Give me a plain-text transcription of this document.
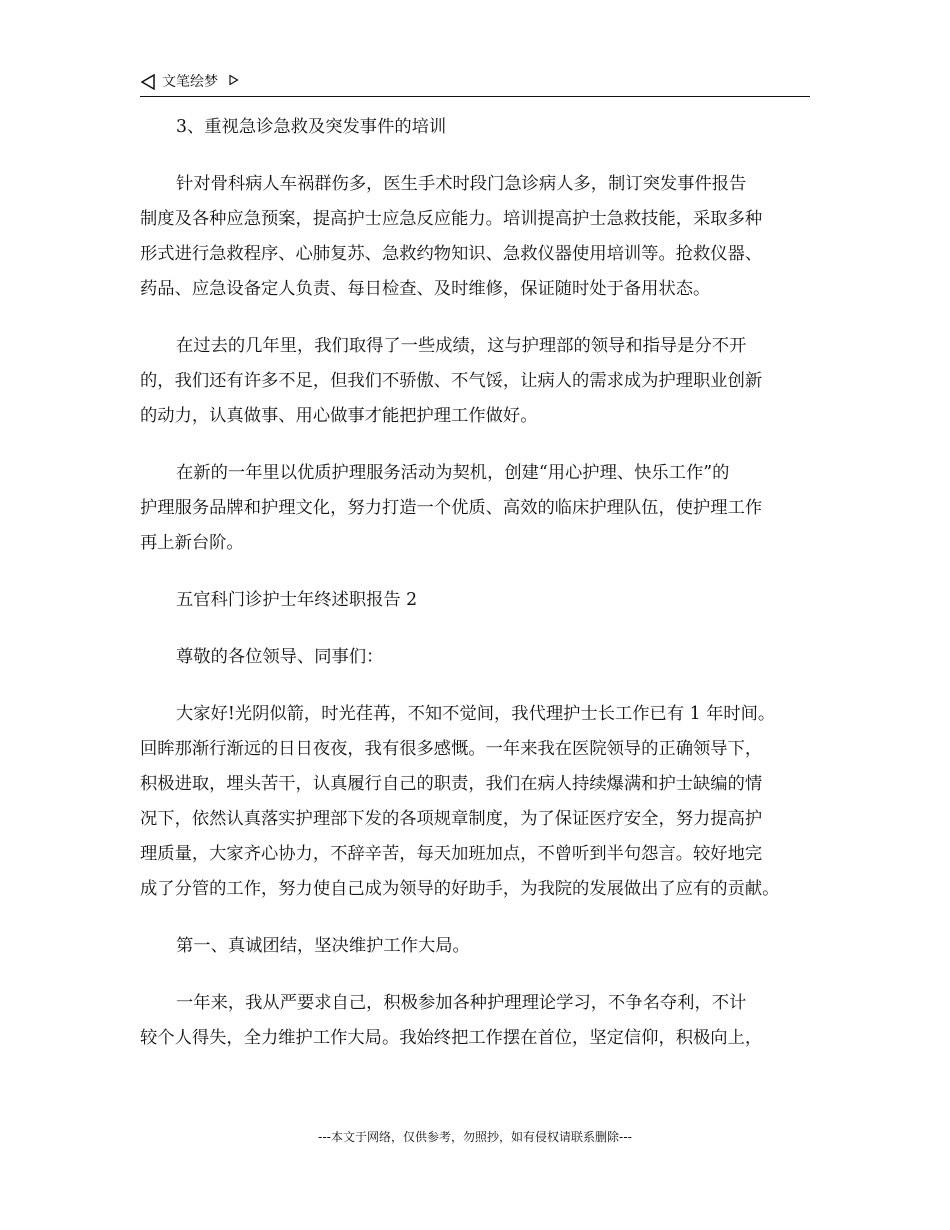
文笔绘梦

3、重视急诊急救及突发事件的培训

针对骨科病人车祸群伤多，医生手术时段门急诊病人多，制订突发事件报告
制度及各种应急预案，提高护士应急反应能力。培训提高护士急救技能，采取多种
形式进行急救程序、心肺复苏、急救约物知识、急救仪器使用培训等。抢救仪器、
药品、应急设备定人负责、每日检查、及时维修，保证随时处于备用状态。

在过去的几年里，我们取得了一些成绩，这与护理部的领导和指导是分不开
的，我们还有许多不足，但我们不骄傲、不气馁，让病人的需求成为护理职业创新
的动力，认真做事、用心做事才能把护理工作做好。

在新的一年里以优质护理服务活动为契机，创建“用心护理、快乐工作”的
护理服务品牌和护理文化，努力打造一个优质、高效的临床护理队伍，使护理工作
再上新台阶。

五官科门诊护士年终述职报告 2

尊敬的各位领导、同事们：

大家好!光阴似箭，时光荏苒，不知不觉间，我代理护士长工作已有 1 年时间。
回眸那渐行渐远的日日夜夜，我有很多感慨。一年来我在医院领导的正确领导下，
积极进取，埋头苦干，认真履行自己的职责，我们在病人持续爆满和护士缺编的情
况下，依然认真落实护理部下发的各项规章制度，为了保证医疗安全，努力提高护
理质量，大家齐心协力，不辞辛苦，每天加班加点，不曾听到半句怨言。较好地完
成了分管的工作，努力使自己成为领导的好助手，为我院的发展做出了应有的贡献。

第一、真诚团结，坚决维护工作大局。

一年来，我从严要求自己，积极参加各种护理理论学习，不争名夺利，不计
较个人得失，全力维护工作大局。我始终把工作摆在首位，坚定信仰，积极向上，

---本文于网络，仅供参考，勿照抄，如有侵权请联系删除---
